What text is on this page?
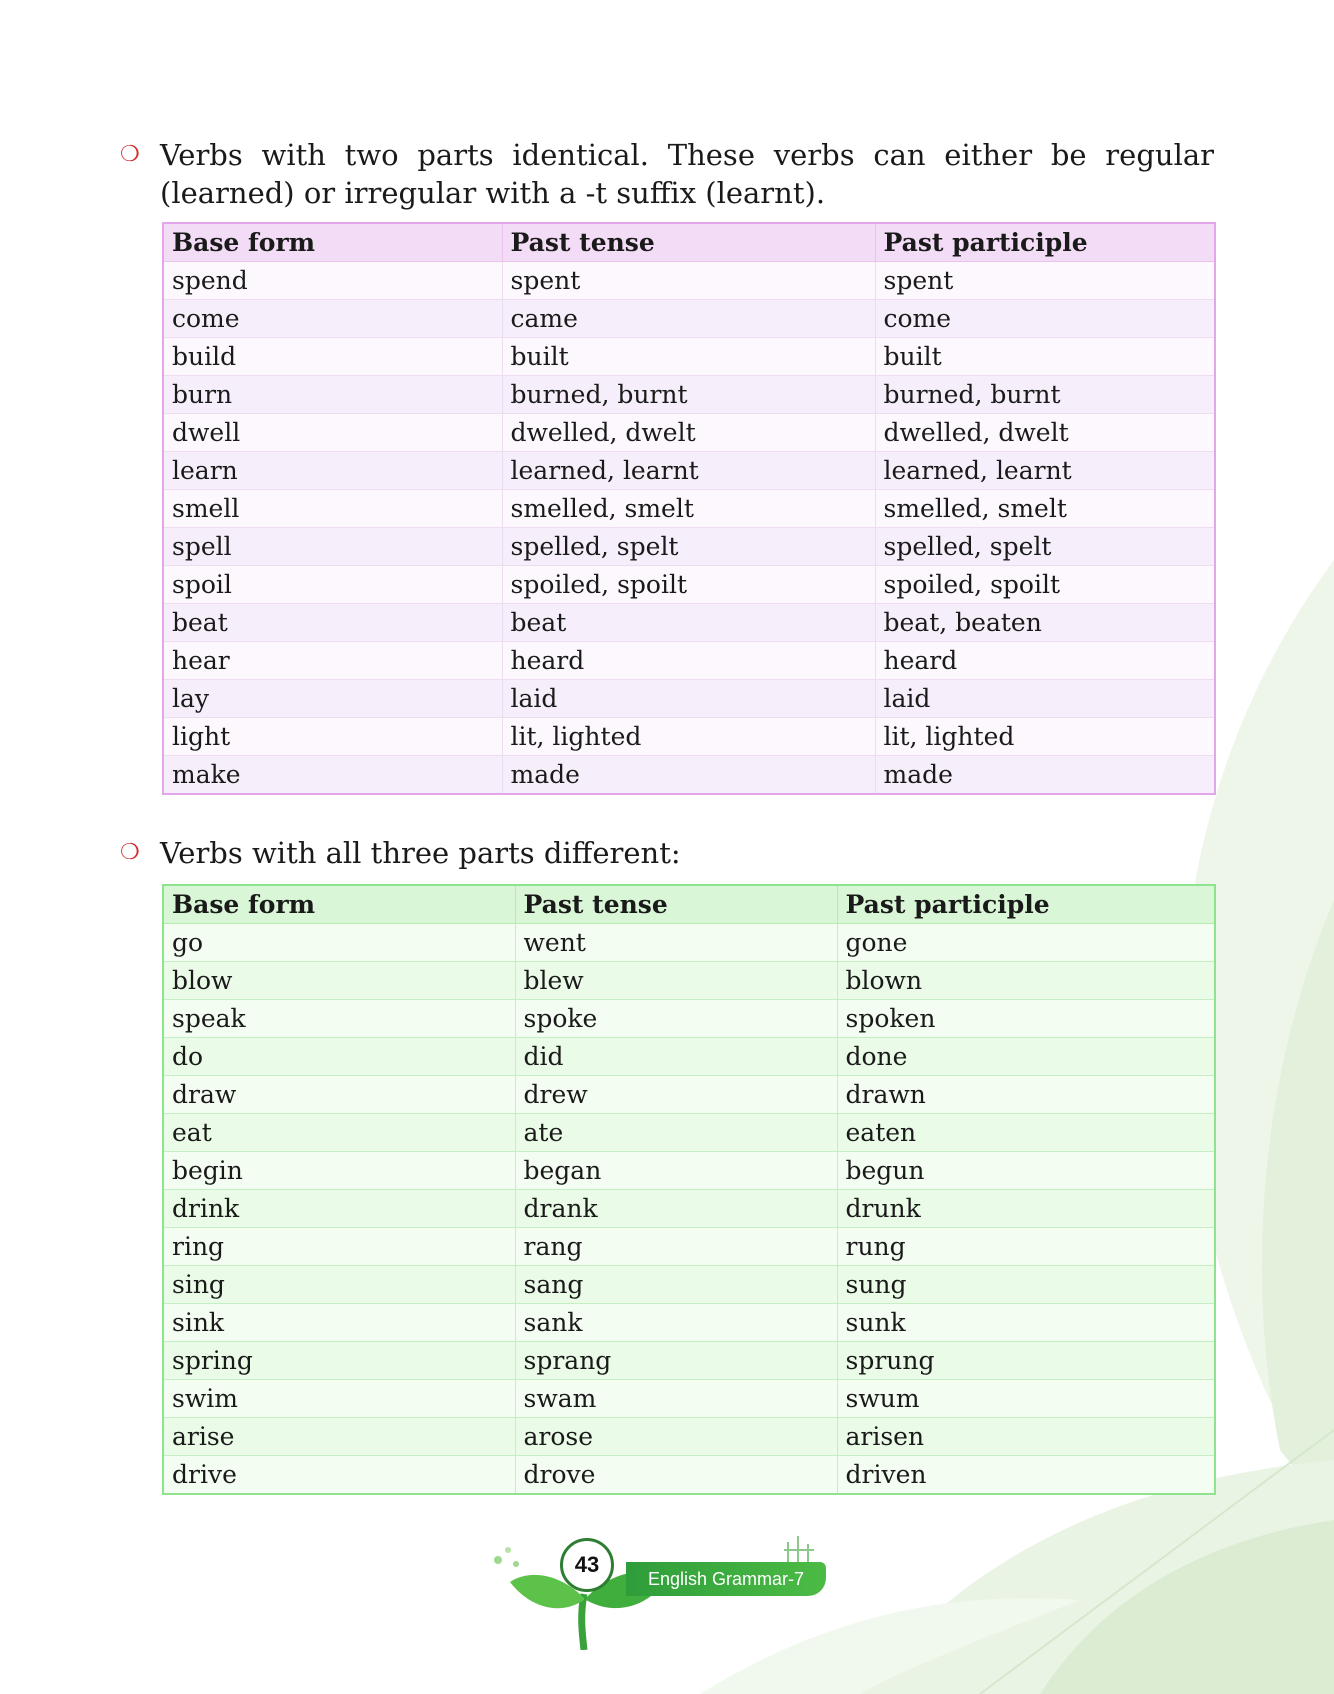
❍ Verbs with two parts identical. These verbs can either be regular (learned) or irregular with a -t suffix (learnt).
Base form	Past tense	Past participle
spend	spent	spent
come	came	come
build	built	built
burn	burned, burnt	burned, burnt
dwell	dwelled, dwelt	dwelled, dwelt
learn	learned, learnt	learned, learnt
smell	smelled, smelt	smelled, smelt
spell	spelled, spelt	spelled, spelt
spoil	spoiled, spoilt	spoiled, spoilt
beat	beat	beat, beaten
hear	heard	heard
lay	laid	laid
light	lit, lighted	lit, lighted
make	made	made
❍ Verbs with all three parts different:
Base form	Past tense	Past participle
go	went	gone
blow	blew	blown
speak	spoke	spoken
do	did	done
draw	drew	drawn
eat	ate	eaten
begin	began	begun
drink	drank	drunk
ring	rang	rung
sing	sang	sung
sink	sank	sunk
spring	sprang	sprung
swim	swam	swum
arise	arose	arisen
drive	drove	driven
43
English Grammar-7
